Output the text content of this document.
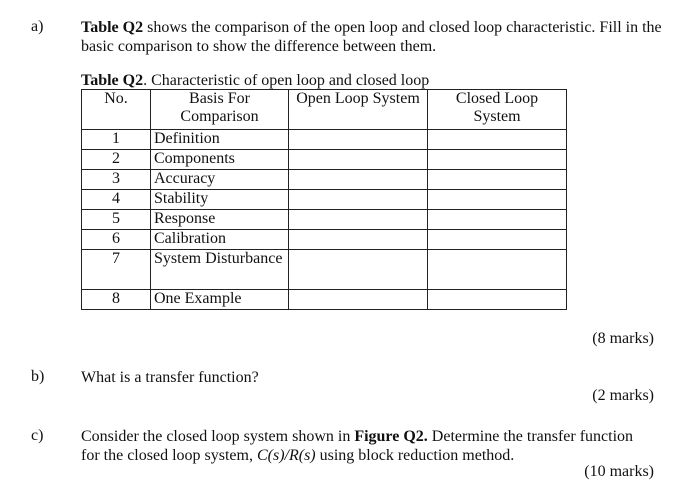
a) Table Q2 shows the comparison of the open loop and closed loop characteristic. Fill in the basic comparison to show the difference between them.
Table Q2. Characteristic of open loop and closed loop
No.	Basis For Comparison	Open Loop System	Closed Loop System
1	Definition		
2	Components		
3	Accuracy		
4	Stability		
5	Response		
6	Calibration		
7	System Disturbance		
8	One Example		
(8 marks)
b) What is a transfer function?
(2 marks)
c) Consider the closed loop system shown in Figure Q2. Determine the transfer function for the closed loop system, C(s)/R(s) using block reduction method.
(10 marks)
